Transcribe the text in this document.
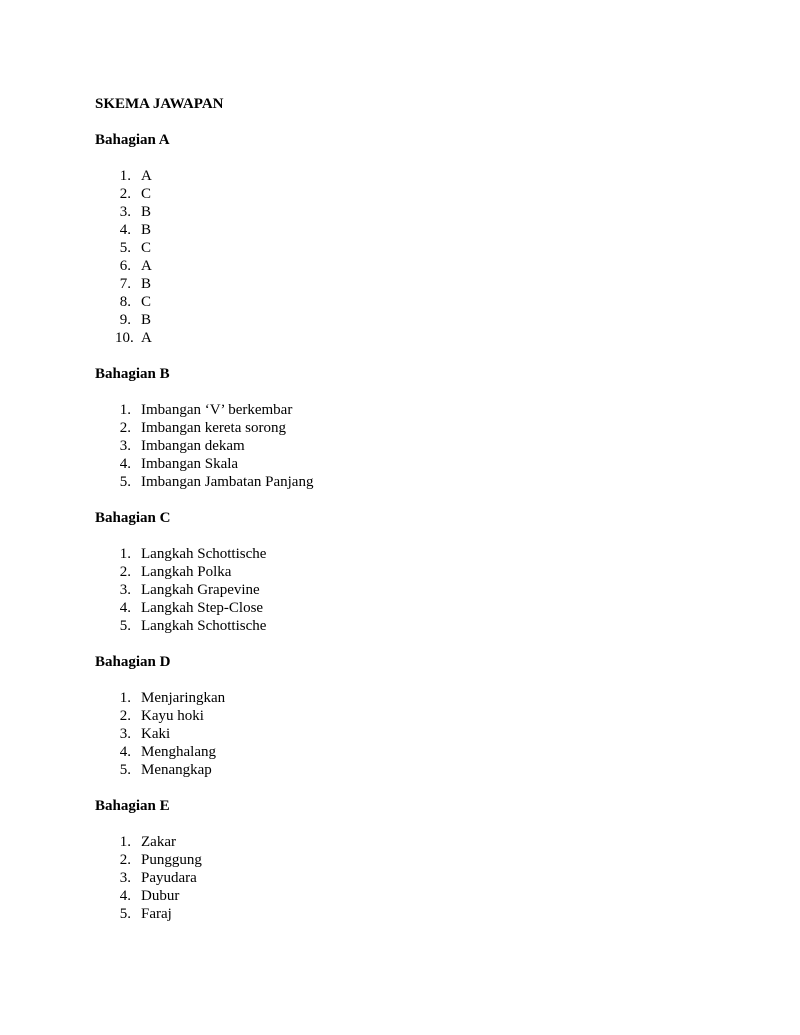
SKEMA JAWAPAN
Bahagian A
1. A
2. C
3. B
4. B
5. C
6. A
7. B
8. C
9. B
10. A
Bahagian B
1. Imbangan ‘V’ berkembar
2. Imbangan kereta sorong
3. Imbangan dekam
4. Imbangan Skala
5. Imbangan Jambatan Panjang
Bahagian C
1. Langkah Schottische
2. Langkah Polka
3. Langkah Grapevine
4. Langkah Step-Close
5. Langkah Schottische
Bahagian D
1. Menjaringkan
2. Kayu hoki
3. Kaki
4. Menghalang
5. Menangkap
Bahagian E
1. Zakar
2. Punggung
3. Payudara
4. Dubur
5. Faraj
